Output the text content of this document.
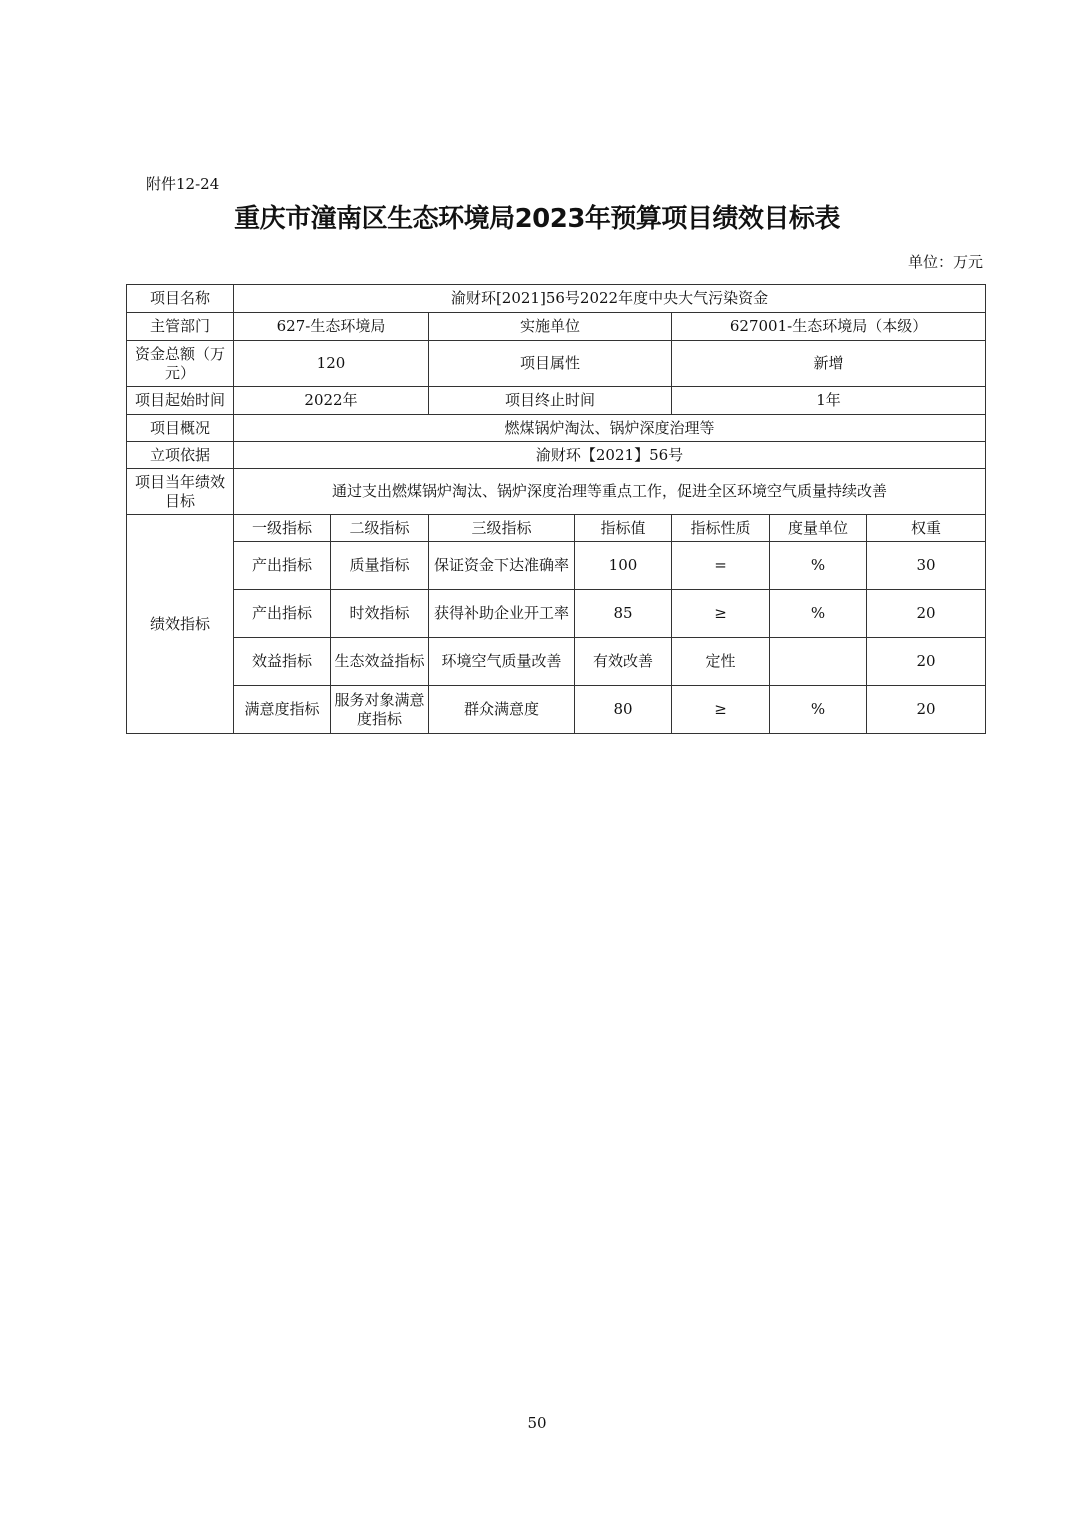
附件12-24
重庆市潼南区生态环境局2023年预算项目绩效目标表
单位：万元
项目名称	渝财环[2021]56号2022年度中央大气污染资金						
主管部门	627-生态环境局		实施单位		627001-生态环境局（本级）		
资金总额（万元）	120		项目属性		新增		
项目起始时间	2022年		项目终止时间		1年		
项目概况	燃煤锅炉淘汰、锅炉深度治理等						
立项依据	渝财环【2021】56号						
项目当年绩效目标	通过支出燃煤锅炉淘汰、锅炉深度治理等重点工作，促进全区环境空气质量持续改善						
绩效指标	一级指标	二级指标	三级指标	指标值	指标性质	度量单位	权重
	产出指标	质量指标	保证资金下达准确率	100	=	%	30
	产出指标	时效指标	获得补助企业开工率	85	≥	%	20
	效益指标	生态效益指标	环境空气质量改善	有效改善	定性		20
	满意度指标	服务对象满意度指标	群众满意度	80	≥	%	20
50
